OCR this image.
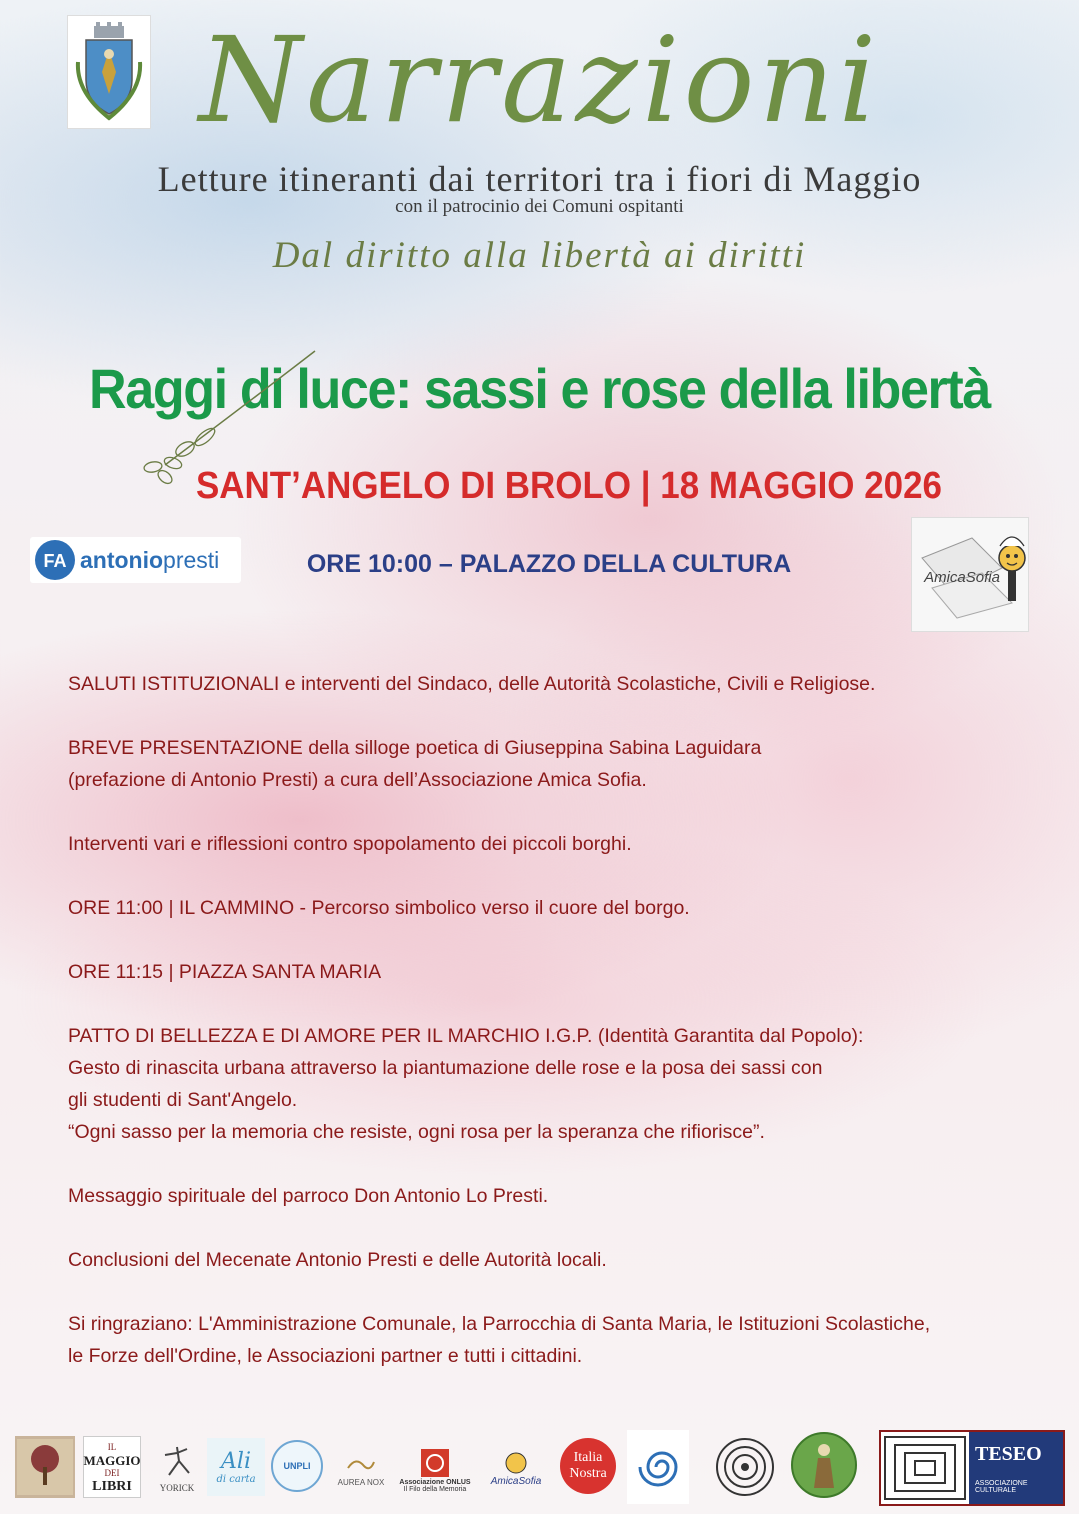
Narrazioni
Letture itineranti dai territori tra i fiori di Maggio
con il patrocinio dei Comuni ospitanti
Dal diritto alla libertà ai diritti
Raggi di luce: sassi e rose della libertà
SANT’ANGELO DI BROLO | 18 MAGGIO 2026
FA antonio presti	ORE 10:00 – PALAZZO DELLA CULTURA	AmicaSofia
SALUTI ISTITUZIONALI e interventi del Sindaco, delle Autorità Scolastiche, Civili e Religiose.
BREVE PRESENTAZIONE della silloge poetica di Giuseppina Sabina Laguidara
(prefazione di Antonio Presti) a cura dell’Associazione Amica Sofia.
Interventi vari e riflessioni contro spopolamento dei piccoli borghi.
ORE 11:00 | IL CAMMINO - Percorso simbolico verso il cuore del borgo.
ORE 11:15 | PIAZZA SANTA MARIA
PATTO DI BELLEZZA E DI AMORE PER IL MARCHIO I.G.P. (Identità Garantita dal Popolo):
Gesto di rinascita urbana attraverso la piantumazione delle rose e la posa dei sassi con
gli studenti di Sant'Angelo.
“Ogni sasso per la memoria che resiste, ogni rosa per la speranza che rifiorisce”.
Messaggio spirituale del parroco Don Antonio Lo Presti.
Conclusioni del Mecenate Antonio Presti e delle Autorità locali.
Si ringraziano: L'Amministrazione Comunale, la Parrocchia di Santa Maria, le Istituzioni Scolastiche,
le Forze dell'Ordine, le Associazioni partner e tutti i cittadini.
IL
MAGGIO
DEI
LIBRI	YORICK
Ali
di carta
UNPLI
AUREA NOX Associazione ONLUS
Il Filo della Memoria
AmicaSofia
Italia
Nostra
TESEO
ASSOCIAZIONE
CULTURALE
